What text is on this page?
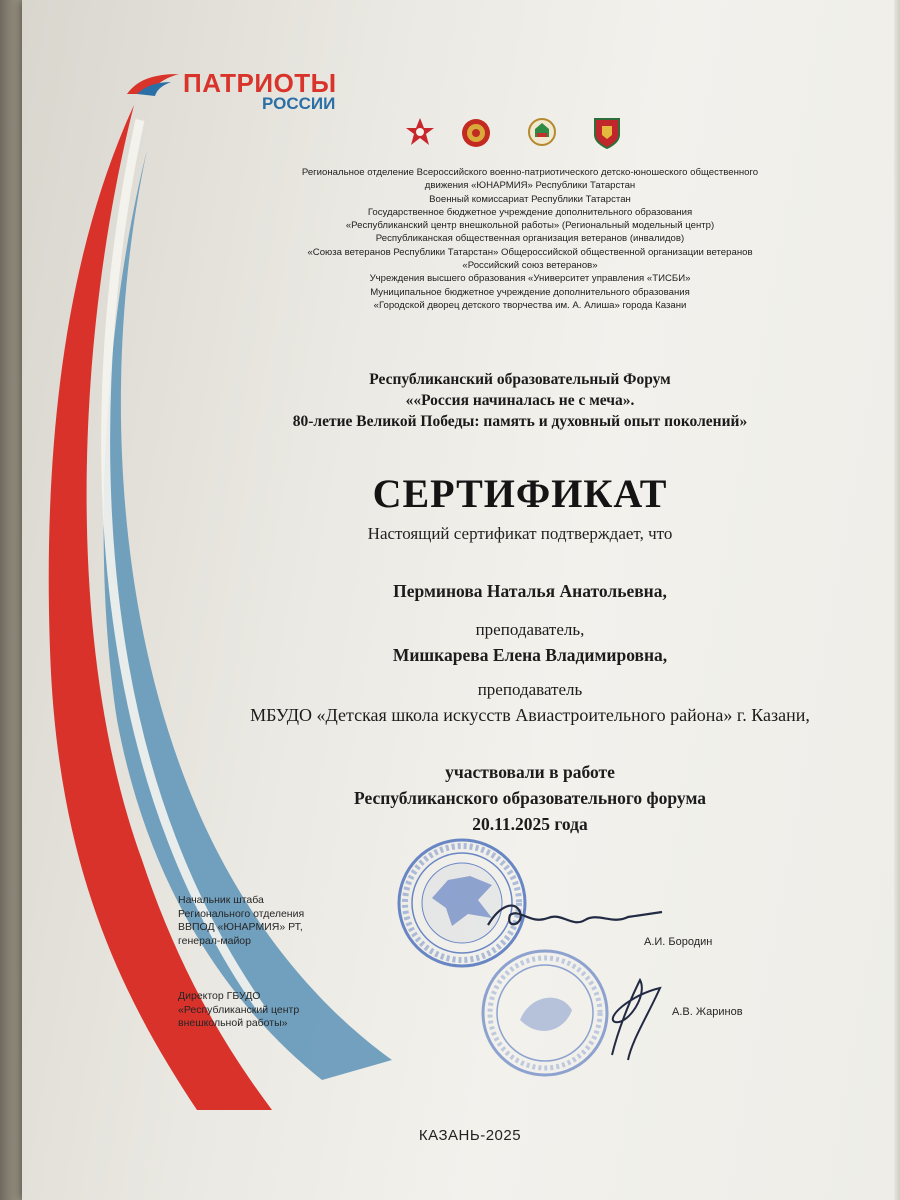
ПАТРИОТЫ
РОССИИ
Региональное отделение Всероссийского военно-патриотического детско-юношеского общественного
движения «ЮНАРМИЯ» Республики Татарстан
Военный комиссариат Республики Татарстан
Государственное бюджетное учреждение дополнительного образования
«Республиканский центр внешкольной работы» (Региональный модельный центр)
Республиканская общественная организация ветеранов (инвалидов)
«Союза ветеранов Республики Татарстан» Общероссийской общественной организации ветеранов
«Российский союз ветеранов»
Учреждения высшего образования «Университет управления «ТИСБИ»
Муниципальное бюджетное учреждение дополнительного образования
«Городской дворец детского творчества им. А. Алиша» города Казани
Республиканский образовательный Форум
««Россия начиналась не с меча».
80-летие Великой Победы: память и духовный опыт поколений»
СЕРТИФИКАТ
Настоящий сертификат подтверждает, что
Перминова Наталья Анатольевна,
преподаватель,
Мишкарева Елена Владимировна,
преподаватель
МБУДО «Детская школа искусств Авиастроительного района» г. Казани,
участвовали в работе
Республиканского образовательного форума
20.11.2025 года
Начальник штаба
Регионального отделения
ВВПОД «ЮНАРМИЯ» РТ,
генерал-майор	А.И. Бородин
Директор ГБУДО
«Республиканский центр
внешкольной работы»
А.В. Жаринов
КАЗАНЬ-2025
